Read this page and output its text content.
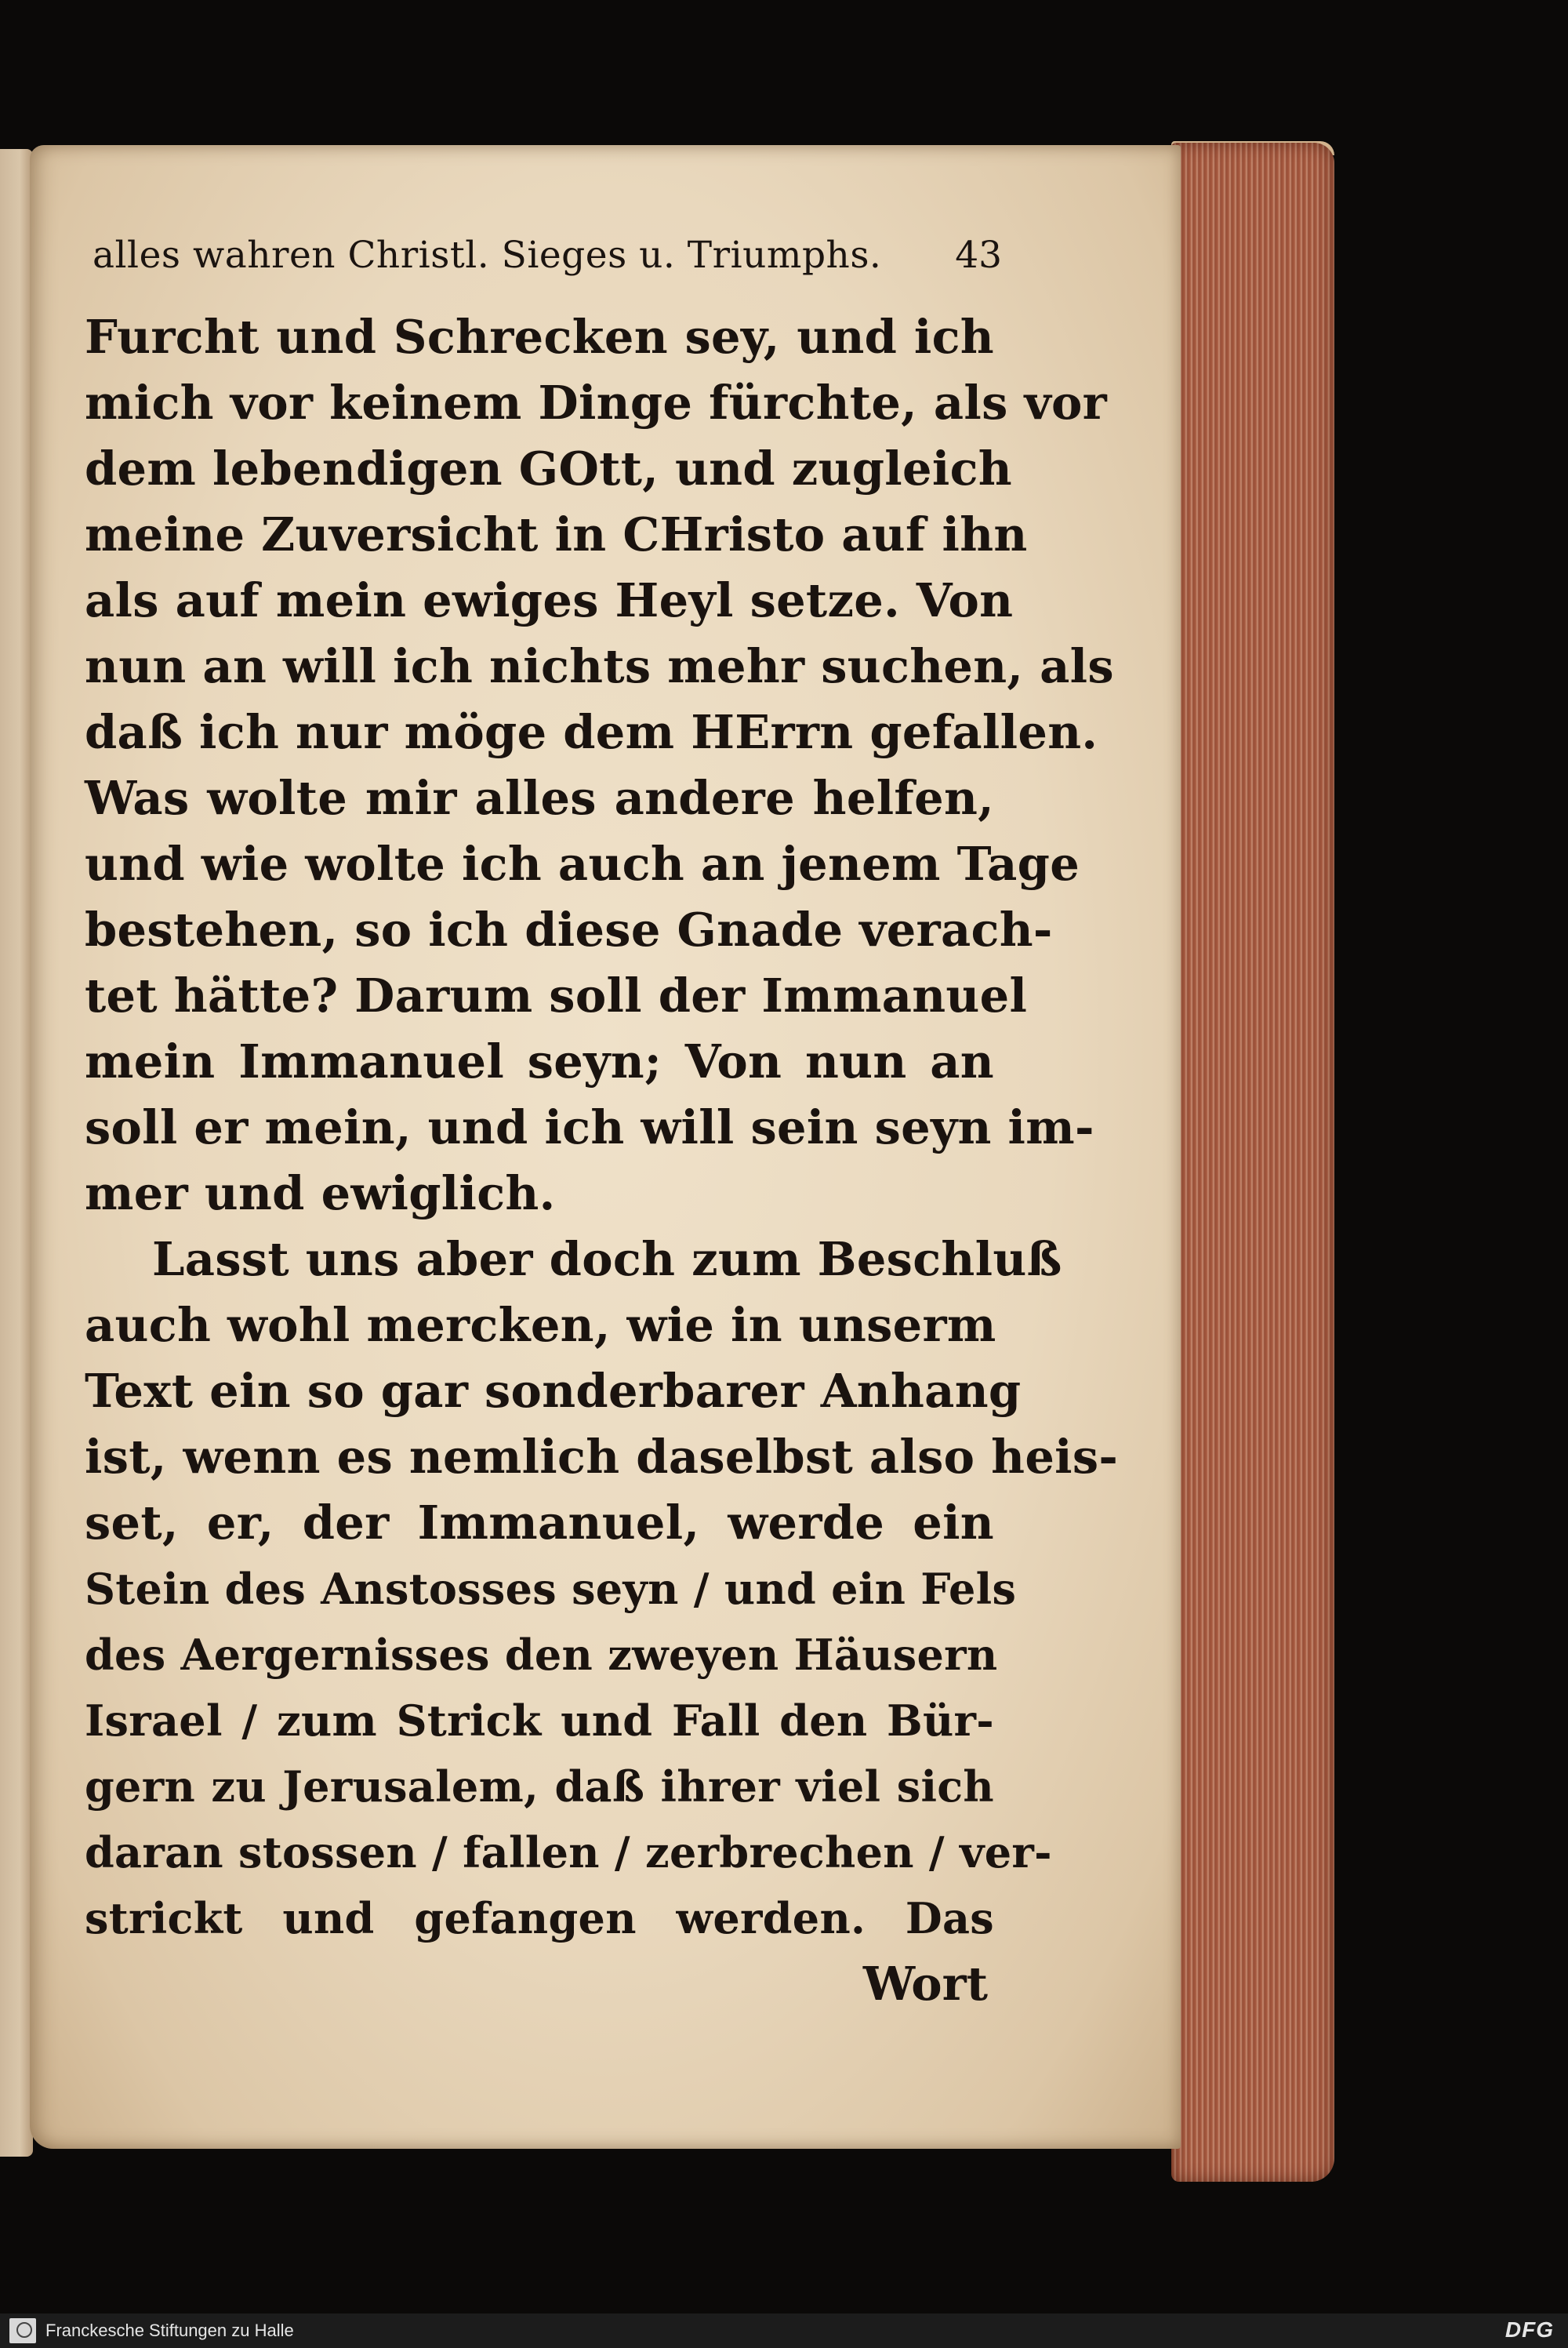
alles wahren Christl. Sieges u. Triumphs. 43
Furcht und Schrecken sey, und ich
mich vor keinem Dinge fürchte, als vor
dem lebendigen GOtt, und zugleich
meine Zuversicht in CHristo auf ihn
als auf mein ewiges Heyl setze. Von
nun an will ich nichts mehr suchen, als
daß ich nur möge dem HErrn gefallen.
Was wolte mir alles andere helfen,
und wie wolte ich auch an jenem Tage
bestehen, so ich diese Gnade verach-
tet hätte? Darum soll der Immanuel
mein Immanuel seyn; Von nun an
soll er mein, und ich will sein seyn im-
mer und ewiglich.
Lasst uns aber doch zum Beschluß
auch wohl mercken, wie in unserm
Text ein so gar sonderbarer Anhang
ist, wenn es nemlich daselbst also heis-
set, er, der Immanuel, werde ein
Stein des Anstosses seyn / und ein Fels
des Aergernisses den zweyen Häusern
Israel / zum Strick und Fall den Bür-
gern zu Jerusalem, daß ihrer viel sich
daran stossen / fallen / zerbrechen / ver-
strickt und gefangen werden. Das
Wort
Franckesche Stiftungen zu Halle	DFG
